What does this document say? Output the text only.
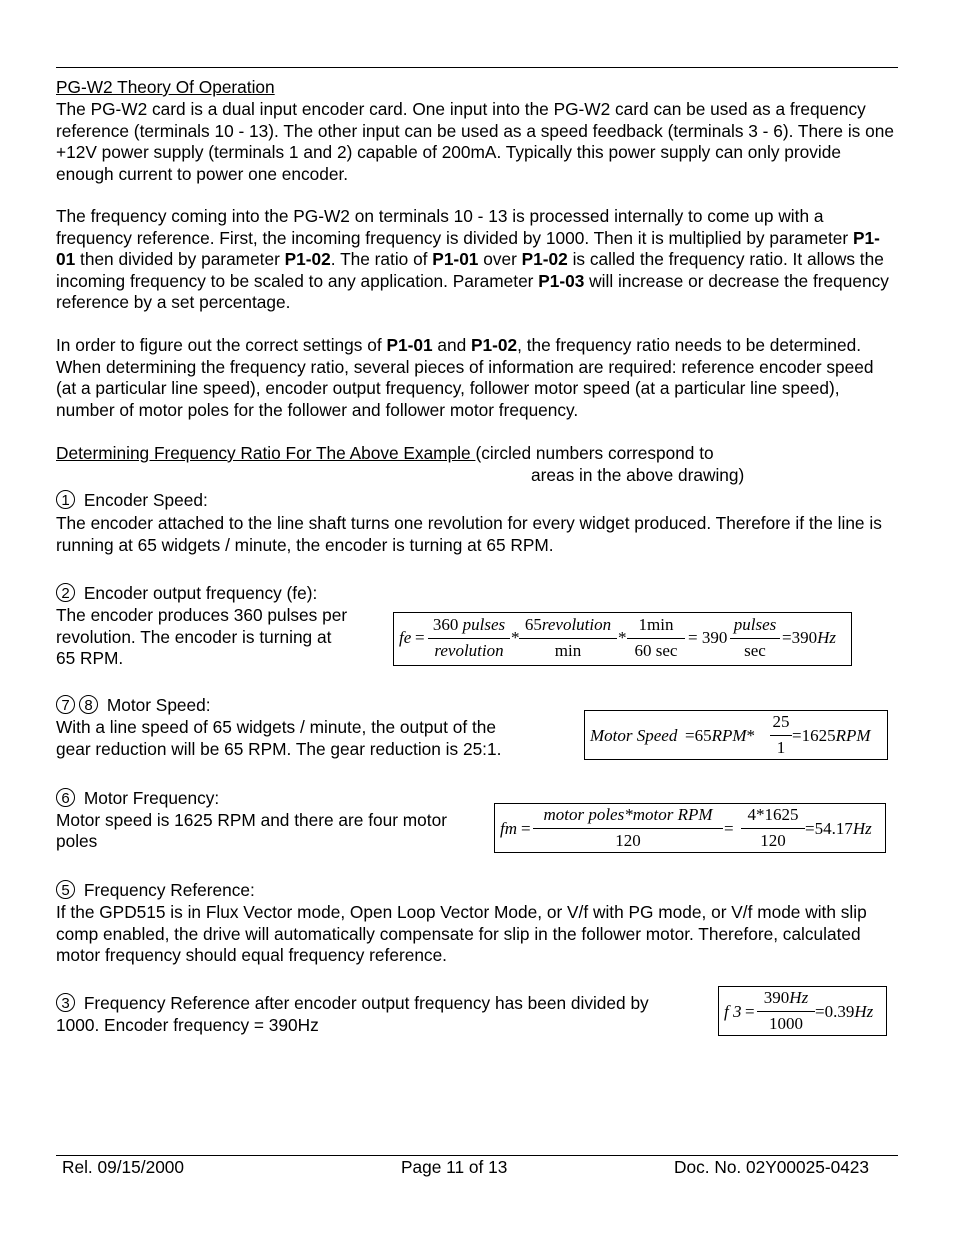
PG-W2 Theory Of Operation

The PG-W2 card is a dual input encoder card. One input into the PG-W2 card can be used as a frequency reference (terminals 10 - 13). The other input can be used as a speed feedback (terminals 3 - 6). There is one +12V power supply (terminals 1 and 2) capable of 200mA. Typically this power supply can only provide enough current to power one encoder.

The frequency coming into the PG-W2 on terminals 10 - 13 is processed internally to come up with a frequency reference. First, the incoming frequency is divided by 1000. Then it is multiplied by parameter P1-01 then divided by parameter P1-02. The ratio of P1-01 over P1-02 is called the frequency ratio. It allows the incoming frequency to be scaled to any application. Parameter P1-03 will increase or decrease the frequency reference by a set percentage.

In order to figure out the correct settings of P1-01 and P1-02, the frequency ratio needs to be determined. When determining the frequency ratio, several pieces of information are required: reference encoder speed (at a particular line speed), encoder output frequency, follower motor speed (at a particular line speed), number of motor poles for the follower and follower motor frequency.

Determining Frequency Ratio For The Above Example (circled numbers correspond to

areas in the above drawing)

1 Encoder Speed:

The encoder attached to the line shaft turns one revolution for every widget produced. Therefore if the line is running at 65 widgets / minute, the encoder is turning at 65 RPM.

2 Encoder output frequency (fe):

The encoder produces 360 pulses per

revolution. The encoder is turning at

65 RPM.

fe =
360 pulses
revolution
*
65revolution
min
*
1min
60 sec
= 390
pulses
sec
=390Hz

7 8 Motor Speed:

With a line speed of 65 widgets / minute, the output of the

gear reduction will be 65 RPM. The gear reduction is 25:1.

Motor Speed =65RPM*
25
1
=1625RPM

6 Motor Frequency:

Motor speed is 1625 RPM and there are four motor

poles

fm =
motor poles*motor RPM
120
=
4*1625
120
=54.17Hz

5 Frequency Reference:

If the GPD515 is in Flux Vector mode, Open Loop Vector Mode, or V/f with PG mode, or V/f mode with slip comp enabled, the drive will automatically compensate for slip in the follower motor. Therefore, calculated motor frequency should equal frequency reference.

3 Frequency Reference after encoder output frequency has been divided by

1000. Encoder frequency = 390Hz

f 3 =
390Hz
1000
=0.39Hz
Rel. 09/15/2000	Page 11 of 13	Doc. No. 02Y00025-0423
